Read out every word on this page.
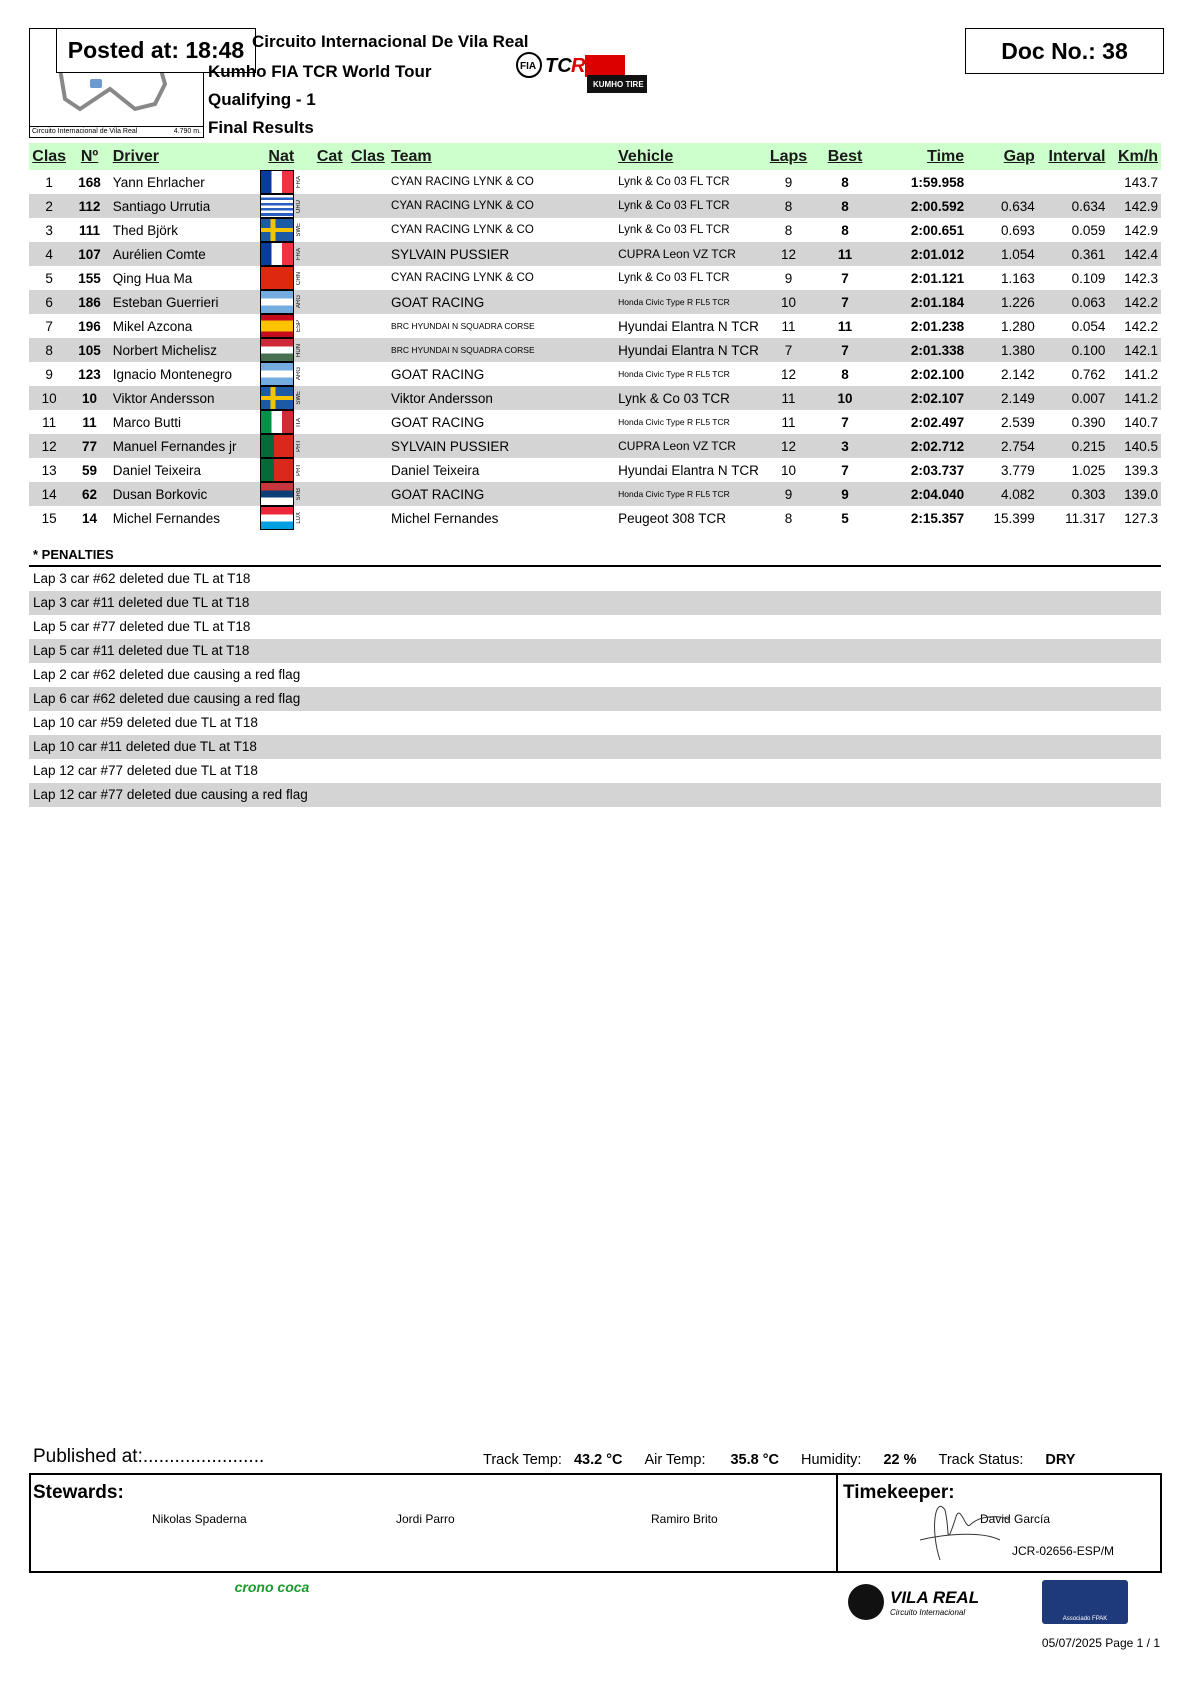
Circuito Internacional de Vila Real	4.790 m.
Posted at: 18:48 Circuito Internacional De Vila Real
Kumho FIA TCR World Tour
Qualifying - 1
Final Results
FIA TC R
KUMHO TIRE
Doc No.: 38
Clas	Nº	Driver	Nat	Cat	Clas	Team	Vehicle	Laps	Best	Time	Gap	Interval	Km/h
1	168	Yann Ehrlacher	FRA			CYAN RACING LYNK & CO	Lynk & Co 03 FL TCR	9	8	1:59.958			143.7
2	112	Santiago Urrutia	URU			CYAN RACING LYNK & CO	Lynk & Co 03 FL TCR	8	8	2:00.592	0.634	0.634	142.9
3	111	Thed Björk	SWE			CYAN RACING LYNK & CO	Lynk & Co 03 FL TCR	8	8	2:00.651	0.693	0.059	142.9
4	107	Aurélien Comte	FRA			SYLVAIN PUSSIER	CUPRA Leon VZ TCR	12	11	2:01.012	1.054	0.361	142.4
5	155	Qing Hua Ma	CHN			CYAN RACING LYNK & CO	Lynk & Co 03 FL TCR	9	7	2:01.121	1.163	0.109	142.3
6	186	Esteban Guerrieri	ARG			GOAT RACING	Honda Civic Type R FL5 TCR	10	7	2:01.184	1.226	0.063	142.2
7	196	Mikel Azcona	ESP			BRC HYUNDAI N SQUADRA CORSE	Hyundai Elantra N TCR	11	11	2:01.238	1.280	0.054	142.2
8	105	Norbert Michelisz	HUN			BRC HYUNDAI N SQUADRA CORSE	Hyundai Elantra N TCR	7	7	2:01.338	1.380	0.100	142.1
9	123	Ignacio Montenegro	ARG			GOAT RACING	Honda Civic Type R FL5 TCR	12	8	2:02.100	2.142	0.762	141.2
10	10	Viktor Andersson	SWE			Viktor Andersson	Lynk & Co 03 TCR	11	10	2:02.107	2.149	0.007	141.2
11	11	Marco Butti	ITA			GOAT RACING	Honda Civic Type R FL5 TCR	11	7	2:02.497	2.539	0.390	140.7
12	77	Manuel Fernandes jr	PRT			SYLVAIN PUSSIER	CUPRA Leon VZ TCR	12	3	2:02.712	2.754	0.215	140.5
13	59	Daniel Teixeira	PRT			Daniel Teixeira	Hyundai Elantra N TCR	10	7	2:03.737	3.779	1.025	139.3
14	62	Dusan Borkovic	SRB			GOAT RACING	Honda Civic Type R FL5 TCR	9	9	2:04.040	4.082	0.303	139.0
15	14	Michel Fernandes	LUX			Michel Fernandes	Peugeot 308 TCR	8	5	2:15.357	15.399	11.317	127.3
* PENALTIES
Lap 3 car #62 deleted due TL at T18
Lap 3 car #11 deleted due TL at T18
Lap 5 car #77 deleted due TL at T18
Lap 5 car #11 deleted due TL at T18
Lap 2 car #62 deleted due causing a red flag
Lap 6 car #62 deleted due causing a red flag
Lap 10 car #59 deleted due TL at T18
Lap 10 car #11 deleted due TL at T18
Lap 12 car #77 deleted due TL at T18
Lap 12 car #77 deleted due causing a red flag
Published at:.......................	Track Temp: 43.2 °C Air Temp: 35.8 °C Humidity: 22 % Track Status: DRY
Stewards:
Nikolas Spaderna	Jordi Parro	Ramiro Brito
Timekeeper:
David García
JCR-02656-ESP/M
crono coca
VILA REAL
Circuito Internacional
Associado FPAK
05/07/2025 Page 1 / 1
